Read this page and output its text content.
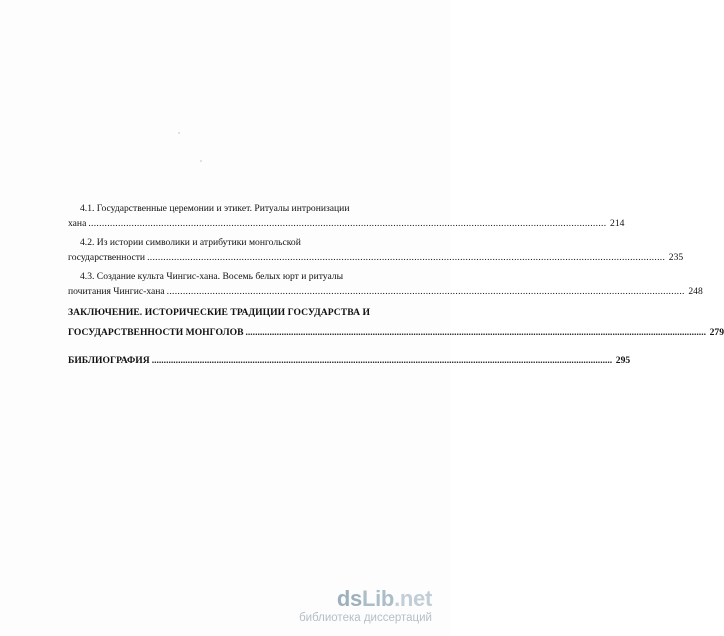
4.1. Государственные церемонии и этикет. Ритуалы интронизации
хана ................................................................................................................................................................................................ 214
4.2. Из истории символики и атрибутики монгольской
государственности ................................................................................................................................................................................................ 235
4.3. Создание культа Чингис-хана. Восемь белых юрт и ритуалы
почитания Чингис-хана ................................................................................................................................................................................................ 248
ЗАКЛЮЧЕНИЕ. ИСТОРИЧЕСКИЕ ТРАДИЦИИ ГОСУДАРСТВА И
ГОСУДАРСТВЕННОСТИ МОНГОЛОВ ................................................................................................................................................................................................ 279
БИБЛИОГРАФИЯ ................................................................................................................................................................................................ 295
dsLib.net
библиотека диссертаций
